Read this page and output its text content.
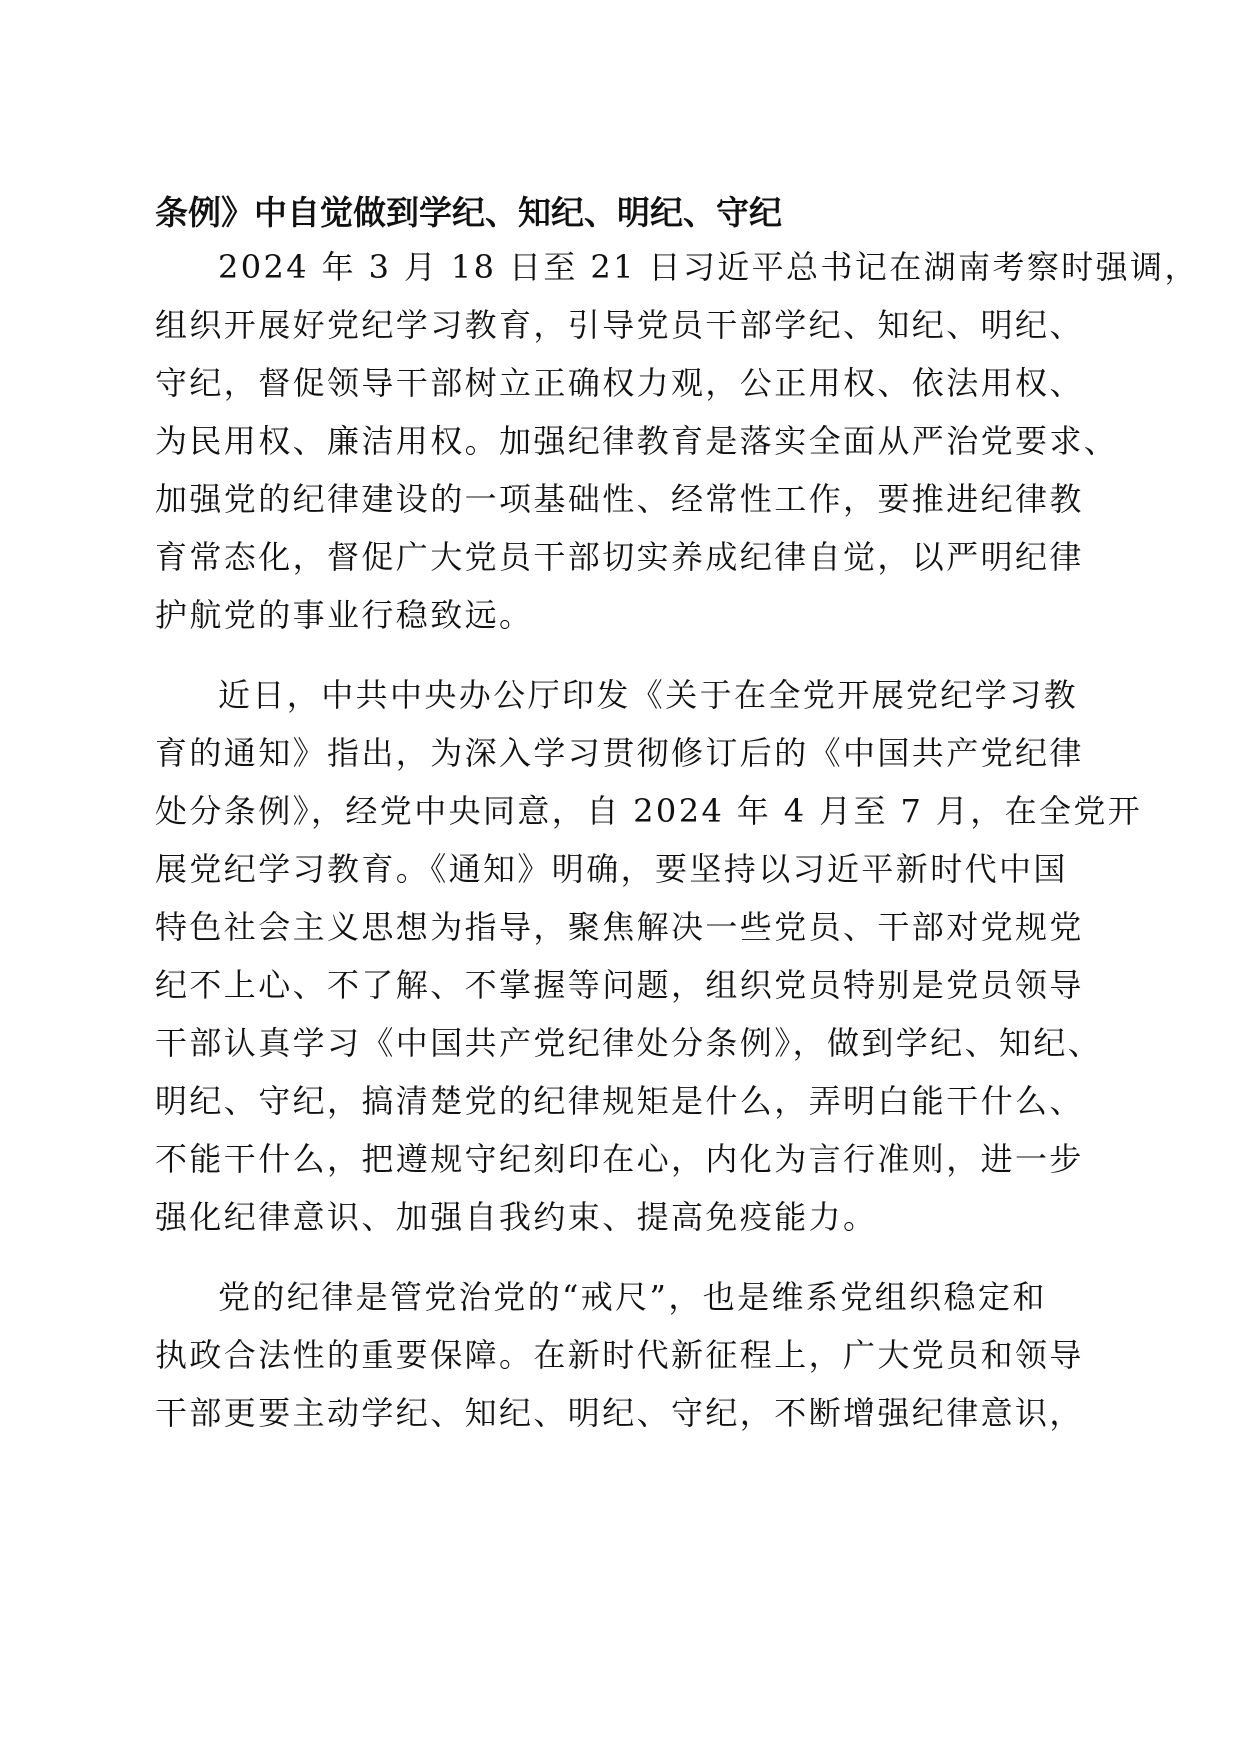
条例》中自觉做到学纪、知纪、明纪、守纪
2024 年 3 月 18 日至 21 日习近平总书记在湖南考察时强调，
组织开展好党纪学习教育，引导党员干部学纪、知纪、明纪、
守纪，督促领导干部树立正确权力观，公正用权、依法用权、
为民用权、廉洁用权。加强纪律教育是落实全面从严治党要求、
加强党的纪律建设的一项基础性、经常性工作，要推进纪律教
育常态化，督促广大党员干部切实养成纪律自觉，以严明纪律
护航党的事业行稳致远。
近日，中共中央办公厅印发《关于在全党开展党纪学习教
育的通知》指出，为深入学习贯彻修订后的《中国共产党纪律
处分条例》，经党中央同意，自 2024 年 4 月至 7 月，在全党开
展党纪学习教育。《通知》明确，要坚持以习近平新时代中国
特色社会主义思想为指导，聚焦解决一些党员、干部对党规党
纪不上心、不了解、不掌握等问题，组织党员特别是党员领导
干部认真学习《中国共产党纪律处分条例》，做到学纪、知纪、
明纪、守纪，搞清楚党的纪律规矩是什么，弄明白能干什么、
不能干什么，把遵规守纪刻印在心，内化为言行准则，进一步
强化纪律意识、加强自我约束、提高免疫能力。
党的纪律是管党治党的“戒尺”，也是维系党组织稳定和
执政合法性的重要保障。在新时代新征程上，广大党员和领导
干部更要主动学纪、知纪、明纪、守纪，不断增强纪律意识，
